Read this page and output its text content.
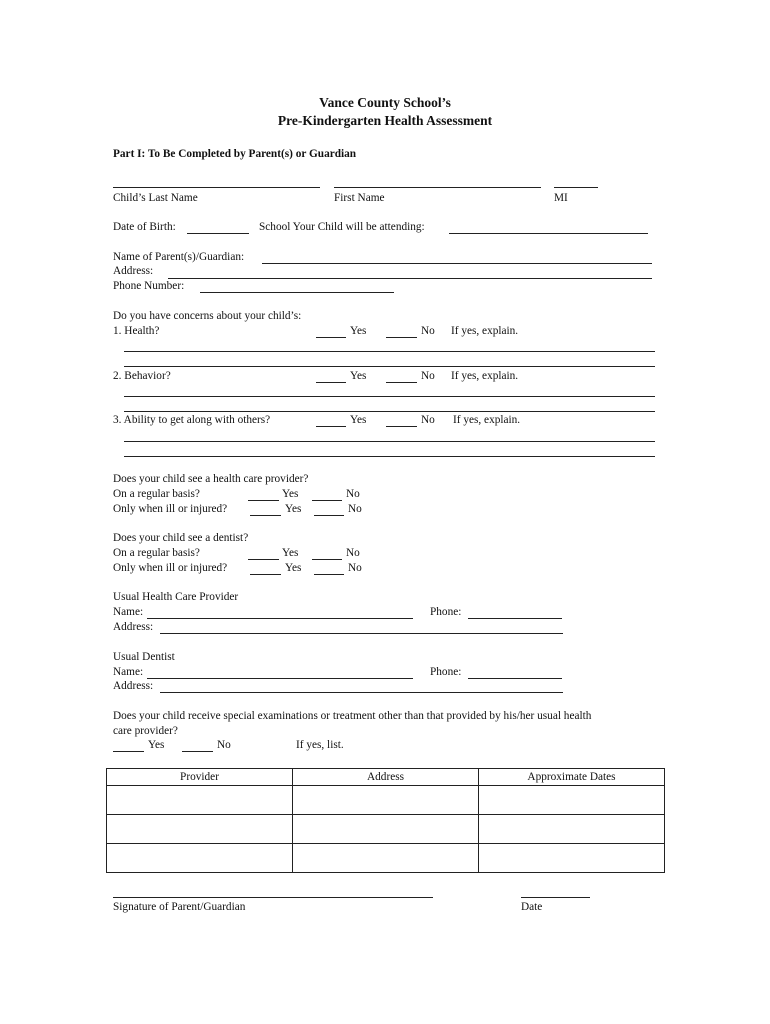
Vance County School’s
Pre-Kindergarten Health Assessment
Part I: To Be Completed by Parent(s) or Guardian
Child’s Last Name	First Name	MI
Date of Birth:	School Your Child will be attending:
Name of Parent(s)/Guardian:
Address:
Phone Number:
Do you have concerns about your child’s:
1. Health?	Yes	No If yes, explain.
2. Behavior?	Yes	No If yes, explain.
3. Ability to get along with others?	Yes	No If yes, explain.
Does your child see a health care provider?
On a regular basis?	Yes	No
Only when ill or injured?	Yes	No
Does your child see a dentist?
On a regular basis?	Yes	No
Only when ill or injured?	Yes	No
Usual Health Care Provider
Name:	Phone:
Address:
Usual Dentist
Name:	Phone:
Address:
Does your child receive special examinations or treatment other than that provided by his/her usual health
care provider?
Yes	No	If yes, list.
Provider	Address	Approximate Dates

Signature of Parent/Guardian	Date
